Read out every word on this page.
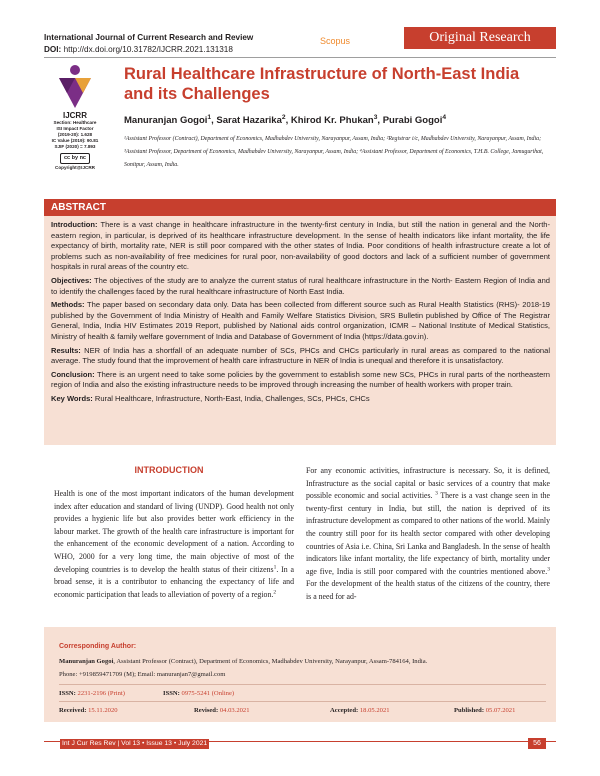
International Journal of Current Research and Review
DOI: http://dx.doi.org/10.31782/IJCRR.2021.131318
Scopus	Original Research
IJCRR
Section: Healthcare
ISI Impact Factor
(2019-20): 1.628
IC Value (2019): 90.81
SJIF (2020) = 7.893
cc by nc
Copyright@IJCRR
Rural Healthcare Infrastructure of North-East India and its Challenges
Manuranjan Gogoi$^1$, Sarat Hazarika$^2$, Khirod Kr. Phukan$^3$, Purabi Gogoi$^4$
¹Assistant Professor (Contract), Department of Economics, Madhabdev University, Narayanpur, Assam, India; ²Registrar i/c, Madhabdev University, Narayanpur, Assam, India; ³Assistant Professor, Department of Economics, Madhabdev University, Narayanpur, Assam, India; ⁴Assistant Professor, Department of Economics, T.H.B. College, Jamugurihat, Sonitpur, Assam, India.
ABSTRACT

Introduction: There is a vast change in healthcare infrastructure in the twenty-first century in India, but still the nation in general and the North-eastern region, in particular, is deprived of its healthcare infrastructure development. In the sense of health indicators like infant mortality, the life expectancy of birth, mortality rate, NER is still poor compared with the other states of India. Poor conditions of health infrastructure create a lot of problems such as non-availability of free medicines for rural poor, non-availability of good doctors and lack of a sufficient number of government hospitals in rural areas of the country etc.

Objectives: The objectives of the study are to analyze the current status of rural healthcare infrastructure in the North- Eastern Region of India and to identify the challenges faced by the rural healthcare infrastructure of North East India.

Methods: The paper based on secondary data only. Data has been collected from different source such as Rural Health Statistics (RHS)- 2018-19 published by the Government of India Ministry of Health and Family Welfare Statistics Division, SRS Bulletin published by Office of The Registrar General, India, India HIV Estimates 2019 Report, published by National aids control organization, ICMR – National Institute of Medical Statistics, Ministry of health & family welfare government of India and Database of Government of India (https://data.gov.in).

Results: NER of India has a shortfall of an adequate number of SCs, PHCs and CHCs particularly in rural areas as compared to the national average. The study found that the improvement of health care infrastructure in NER of India is unequal and therefore it is unsatisfactory.

Conclusion: There is an urgent need to take some policies by the government to establish some new SCs, PHCs in rural parts of the northeastern region of India and also the existing infrastructure needs to be improved through increasing the number of health workers with proper train.

Key Words: Rural Healthcare, Infrastructure, North-East, India, Challenges, SCs, PHCs, CHCs

INTRODUCTION
Health is one of the most important indicators of the human development index after education and standard of living (UNDP). Good health not only provides a hygienic life but also provides better work efficiency in the labour market. The growth of the health care infrastructure is important for the enhancement of the economic development of a nation. According to WHO, 2000 for a very long time, the main objective of most of the developing countries is to develop the health status of their citizens$^1$. In a broad sense, it is a contributor to enhancing the expectancy of life and economic participation that leads to alleviation of poverty of a region.$^2$
For any economic activities, infrastructure is necessary. So, it is defined, Infrastructure as the social capital or basic services of a country that make possible economic and social activities. $^3$ There is a vast change seen in the twenty-first century in India, but still, the nation is deprived of its infrastructure development as compared to other nations of the world. Mainly the country still poor for its health sector compared with other developing countries of Asia i.e. China, Sri Lanka and Bangladesh. In the sense of health indicators like infant mortality, the life expectancy of birth, mortality under age five, India is still poor compared with the countries mentioned above.$^3$ For the development of the health status of the citizens of the country, there is a need for ad-
Corresponding Author:
Manuranjan Gogoi, Assistant Professor (Contract), Department of Economics, Madhabdev University, Narayanpur, Assam-784164, India.
Phone: +919859471709 (M); Email: manuranjan7@gmail.com
ISSN: 2231-2196 (Print)	ISSN: 0975-5241 (Online)
Received: 15.11.2020	Revised: 04.03.2021	Accepted: 18.05.2021	Published: 05.07.2021
Int J Cur Res Rev | Vol 13 • Issue 13 • July 2021	56
